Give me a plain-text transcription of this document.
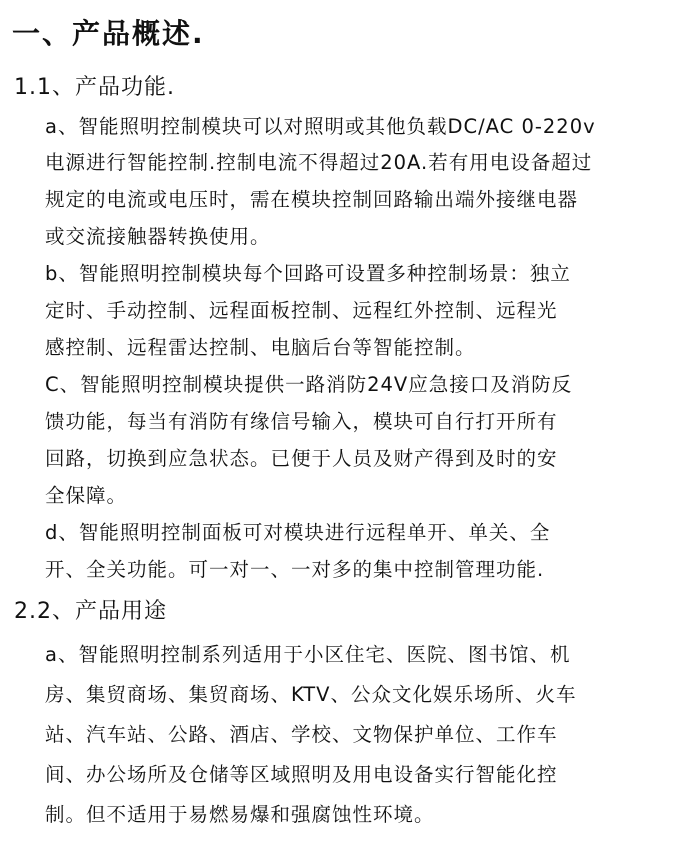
一、产品概述.
1.1、产品功能.
a、智能照明控制模块可以对照明或其他负载DC/AC 0-220v
电源进行智能控制.控制电流不得超过20A.若有用电设备超过
规定的电流或电压时，需在模块控制回路输出端外接继电器
或交流接触器转换使用。
b、智能照明控制模块每个回路可设置多种控制场景：独立
定时、手动控制、远程面板控制、远程红外控制、远程光
感控制、远程雷达控制、电脑后台等智能控制。
C、智能照明控制模块提供一路消防24V应急接口及消防反
馈功能，每当有消防有缘信号输入，模块可自行打开所有
回路，切换到应急状态。已便于人员及财产得到及时的安
全保障。
d、智能照明控制面板可对模块进行远程单开、单关、全
开、全关功能。可一对一、一对多的集中控制管理功能.
2.2、产品用途
a、智能照明控制系列适用于小区住宅、医院、图书馆、机
房、集贸商场、集贸商场、KTV、公众文化娱乐场所、火车
站、汽车站、公路、酒店、学校、文物保护单位、工作车
间、办公场所及仓储等区域照明及用电设备实行智能化控
制。但不适用于易燃易爆和强腐蚀性环境。
